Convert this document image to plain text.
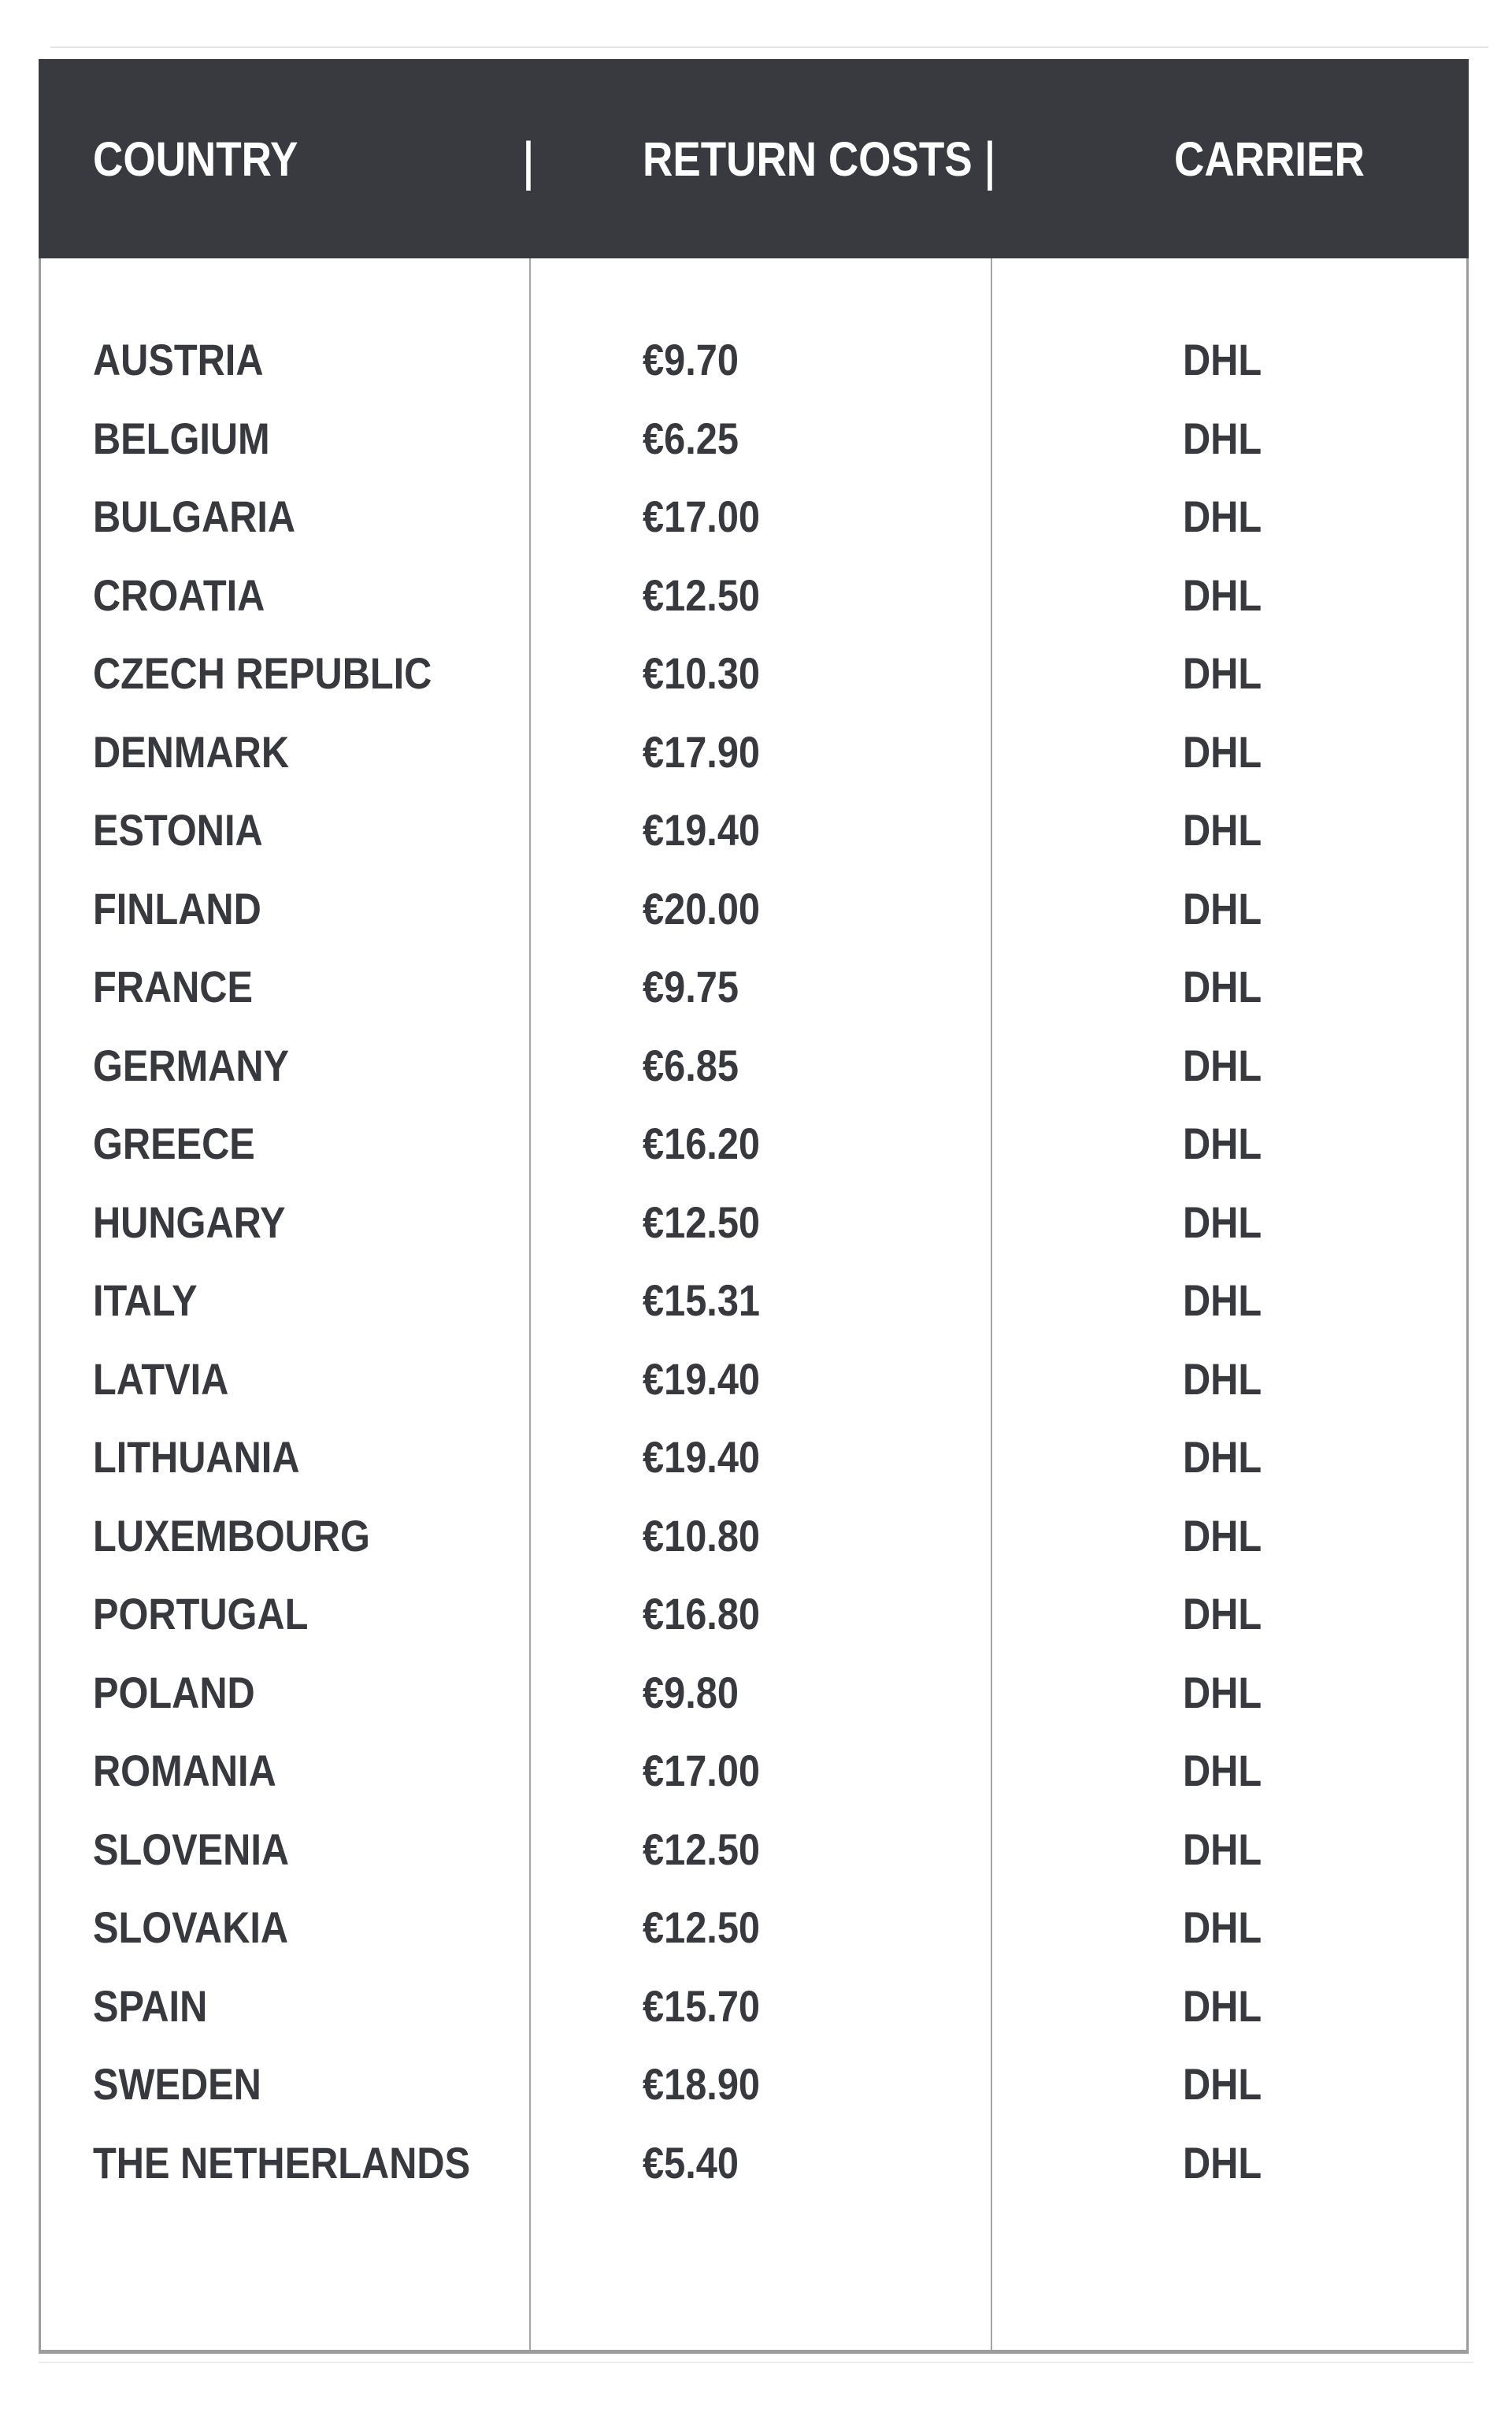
COUNTRY	RETURN COSTS	CARRIER
|	|
AUSTRIA	€9.70	DHL
BELGIUM	€6.25	DHL
BULGARIA	€17.00	DHL
CROATIA	€12.50	DHL
CZECH REPUBLIC	€10.30	DHL
DENMARK	€17.90	DHL
ESTONIA	€19.40	DHL
FINLAND	€20.00	DHL
FRANCE	€9.75	DHL
GERMANY	€6.85	DHL
GREECE	€16.20	DHL
HUNGARY	€12.50	DHL
ITALY	€15.31	DHL
LATVIA	€19.40	DHL
LITHUANIA	€19.40	DHL
LUXEMBOURG	€10.80	DHL
PORTUGAL	€16.80	DHL
POLAND	€9.80	DHL
ROMANIA	€17.00	DHL
SLOVENIA	€12.50	DHL
SLOVAKIA	€12.50	DHL
SPAIN	€15.70	DHL
SWEDEN	€18.90	DHL
THE NETHERLANDS	€5.40	DHL
